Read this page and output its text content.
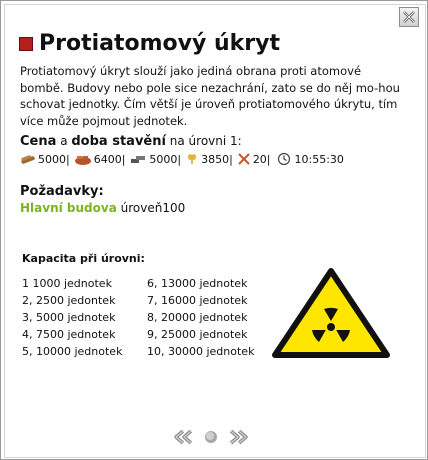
Protiatomový úkryt
Protiatomový úkryt slouží jako jediná obrana proti atomové bombě. Budovy nebo pole sice nezachrání, zato se do něj mo-hou schovat jednotky. Čím větší je úroveň protiatomového úkrytu, tím více může pojmout jednotek.
Cena a doba stavění na úrovni 1:
5000| 6400| 5000| 3850| 20| 10:55:30
Požadavky:
Hlavní budova úroveň100
Kapacita při úrovni:
1 1000 jednotek
2, 2500 jedontek
3, 5000 jednotek
4, 7500 jednotek
5, 10000 jednotek
6, 13000 jednotek
7, 16000 jednotek
8, 20000 jednotek
9, 25000 jednotek
10, 30000 jednotek
